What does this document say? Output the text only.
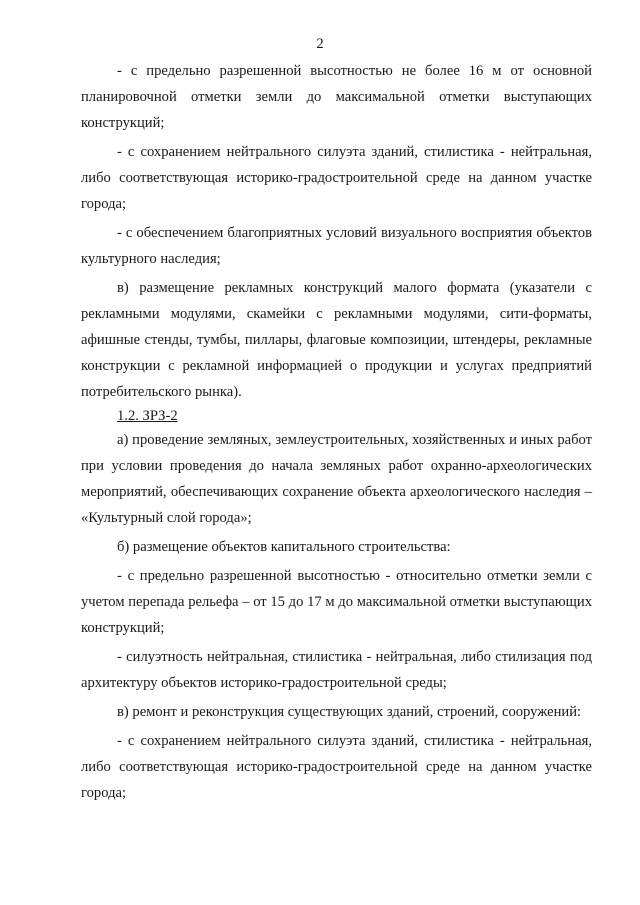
2

- с предельно разрешенной высотностью не более 16 м от основной планировочной отметки земли до максимальной отметки выступающих конструкций;

- с сохранением нейтрального силуэта зданий, стилистика - нейтральная, либо соответствующая историко-градостроительной среде на данном участке города;

- с обеспечением благоприятных условий визуального восприятия объектов культурного наследия;

в) размещение рекламных конструкций малого формата (указатели с рекламными модулями, скамейки с рекламными модулями, сити-форматы, афишные стенды, тумбы, пиллары, флаговые композиции, штендеры, рекламные конструкции с рекламной информацией о продукции и услугах предприятий потребительского рынка).

1.2. ЗРЗ-2

а) проведение земляных, землеустроительных, хозяйственных и иных работ при условии проведения до начала земляных работ охранно-археологических мероприятий, обеспечивающих сохранение объекта археологического наследия – «Культурный слой города»;

б) размещение объектов капитального строительства:

- с предельно разрешенной высотностью - относительно отметки земли с учетом перепада рельефа – от 15 до 17 м до максимальной отметки выступающих конструкций;

- силуэтность нейтральная, стилистика - нейтральная, либо стилизация под архитектуру объектов историко-градостроительной среды;

в) ремонт и реконструкция существующих зданий, строений, сооружений:

- с сохранением нейтрального силуэта зданий, стилистика - нейтральная, либо соответствующая историко-градостроительной среде на данном участке города;
